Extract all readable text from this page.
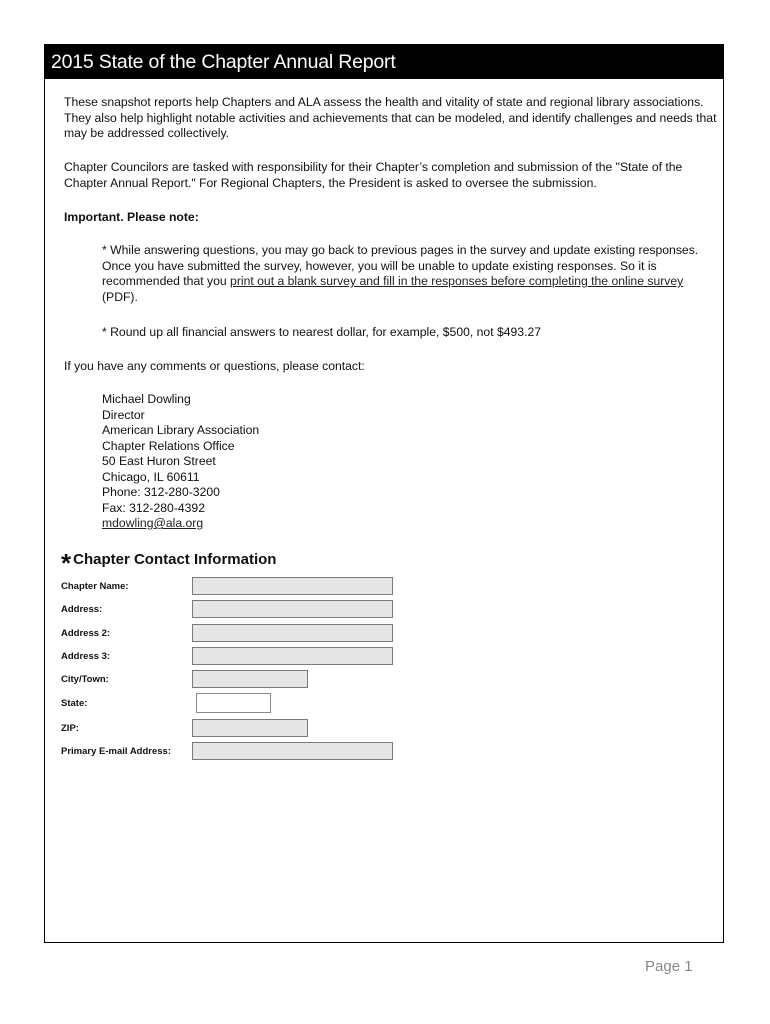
2015 State of the Chapter Annual Report

These snapshot reports help Chapters and ALA assess the health and vitality of state and regional library associations. They also help highlight notable activities and achievements that can be modeled, and identify challenges and needs that may be addressed collectively.

Chapter Councilors are tasked with responsibility for their Chapter’s completion and submission of the "State of the Chapter Annual Report." For Regional Chapters, the President is asked to oversee the submission.

Important. Please note:

* While answering questions, you may go back to previous pages in the survey and update existing responses. Once you have submitted the survey, however, you will be unable to update existing responses. So it is recommended that you print out a blank survey and fill in the responses before completing the online survey (PDF).

* Round up all financial answers to nearest dollar, for example, $500, not $493.27

If you have any comments or questions, please contact:

Michael Dowling
Director
American Library Association
Chapter Relations Office
50 East Huron Street
Chicago, IL 60611
Phone: 312-280-3200
Fax: 312-280-4392
mdowling@ala.org
* Chapter Contact Information
Chapter Name:
Address:
Address 2:
Address 3:
City/Town:
State:
ZIP:
Primary E-mail Address:
Page 1
